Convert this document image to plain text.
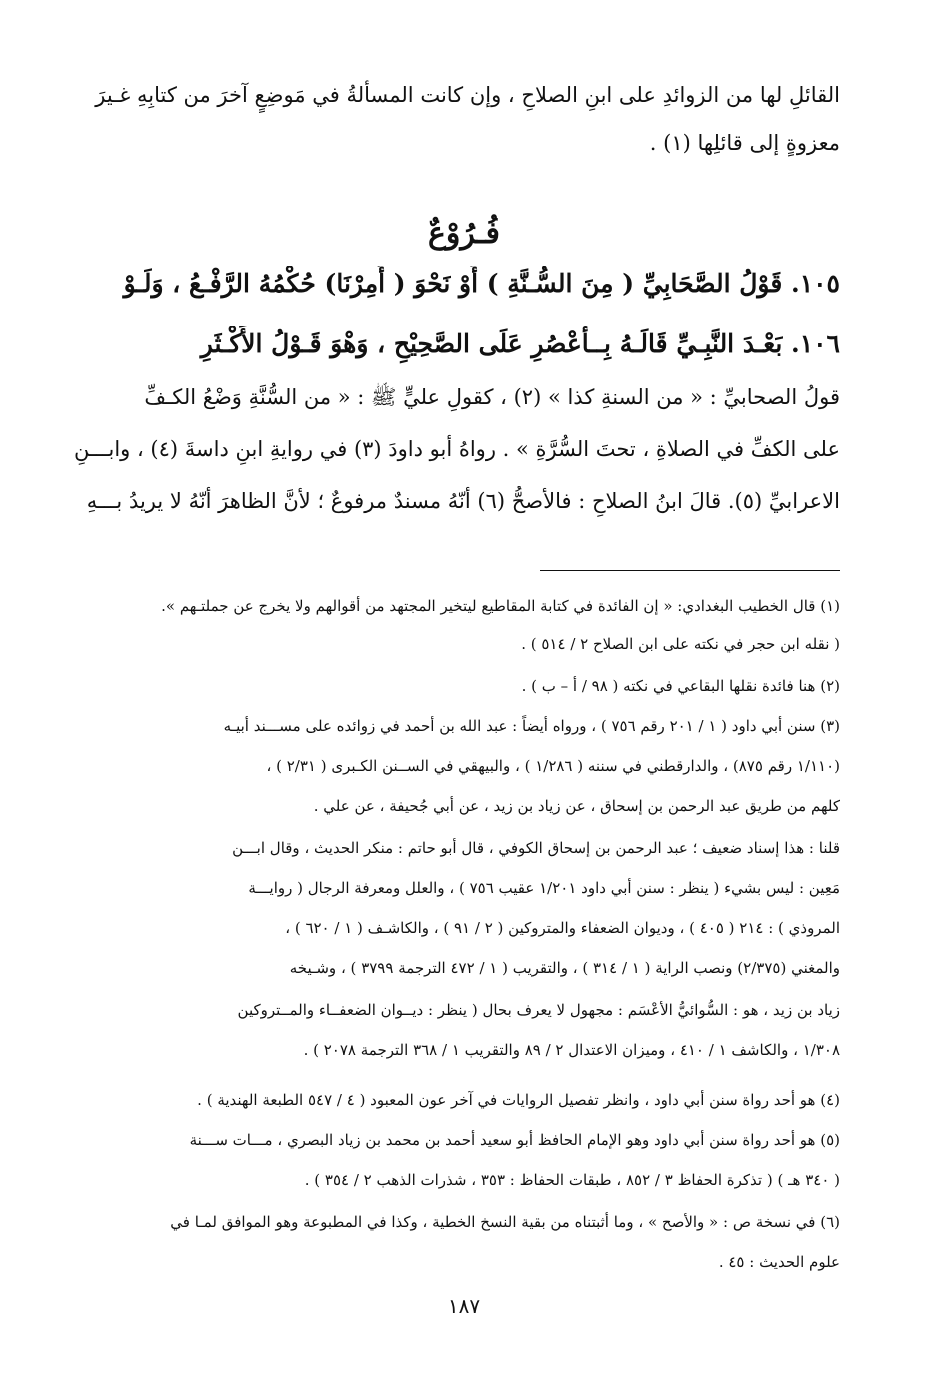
القائلِ لها من الزوائدِ على ابنِ الصلاحِ ، وإن كانت المسألةُ في مَوضِعٍ آخرَ من كتابِهِ غـيرَ
معزوةٍ إلى قائلِها (١) .
فُـرُوْعٌ
١٠٥. قَوْلُ الصَّحَابِيِّ ( مِنَ السُّـنَّةِ ) أَوْ نَحْوَ ( أُمِرْنَا) حُكْمُهُ الرَّفْـعُ ، وَلَـوْ
١٠٦. بَعْـدَ النَّبِـيِّ قَالَـهُ بِــأَعْصُرِ عَلَى الصَّحِيْحِ ، وَهْوَ قَـوْلُ الأَكْـثَرِ
قولُ الصحابيِّ : « من السنةِ كذا » (٢) ، كقولِ عليٍّ ﷺ : « من السُّنَّةِ وَضْعُ الكـفِّ
على الكفِّ في الصلاةِ ، تحتَ السُّرَّةِ » . رواهُ أبو داودَ (٣) في روايةِ ابنِ داسةَ (٤) ، وابـــنِ
الاعرابيِّ (٥). قالَ ابنُ الصلاحِ : فالأصحُّ (٦) أنّهُ مسندٌ مرفوعٌ ؛ لأنَّ الظاهرَ أنّهُ لا يريدُ بـــهِ
(١) قال الخطيب البغدادي: « إن الفائدة في كتابة المقاطيع ليتخير المجتهد من أقوالهم ولا يخرج عن جملتـهم ».
( نقله ابن حجر في نكته على ابن الصلاح ٢ / ٥١٤ ) .
(٢) هنا فائدة نقلها البقاعي في نكته ( ٩٨ / أ – ب ) .
(٣) سنن أبي داود ( ١ / ٢٠١ رقم ٧٥٦ ) ، ورواه أيضاً : عبد الله بن أحمد في زوائده على مســـند أبيـه
(١/١١٠ رقم ٨٧٥) ، والدارقطني في سننه ( ١/٢٨٦ ) ، والبيهقي في الســنن الكـبرى ( ٢/٣١ ) ،
كلهم من طريق عبد الرحمن بن إسحاق ، عن زياد بن زيد ، عن أبي جُحيفة ، عن علي .
قلنا : هذا إسناد ضعيف ؛ عبد الرحمن بن إسحاق الكوفي ، قال أبو حاتم : منكر الحديث ، وقال ابـــن
مَعِين : ليس بشيء ( ينظر : سنن أبي داود ١/٢٠١ عقيب ٧٥٦ ) ، والعلل ومعرفة الرجال ( روايـــة
المروذي ) : ٢١٤ ( ٤٠٥ ) ، وديوان الضعفاء والمتروكين ( ٢ / ٩١ ) ، والكاشـف ( ١ / ٦٢٠ ) ،
والمغني (٢/٣٧٥) ونصب الراية ( ١ / ٣١٤ ) ، والتقريب ( ١ / ٤٧٢ الترجمة ٣٧٩٩ ) ، وشـيخه
زياد بن زيد ، هو : السُّوائيُّ الأعْسَم : مجهول لا يعرف بحال ( ينظر : ديــوان الضعفــاء والمــتروكين
١/٣٠٨ ، والكاشف ١ / ٤١٠ ، وميزان الاعتدال ٢ / ٨٩ والتقريب ١ / ٣٦٨ الترجمة ٢٠٧٨ ) .
(٤) هو أحد رواة سنن أبي داود ، وانظر تفصيل الروايات في آخر عون المعبود ( ٤ / ٥٤٧ الطبعة الهندية ) .
(٥) هو أحد رواة سنن أبي داود وهو الإمام الحافظ أبو سعيد أحمد بن محمد بن زياد البصري ، مـــات ســـنة
( ٣٤٠ هـ ) ( تذكرة الحفاظ ٣ / ٨٥٢ ، طبقات الحفاظ : ٣٥٣ ، شذرات الذهب ٢ / ٣٥٤ ) .
(٦) في نسخة ص : « والأصح » ، وما أثبتناه من بقية النسخ الخطية ، وكذا في المطبوعة وهو الموافق لمـا في
علوم الحديث : ٤٥ .
١٨٧
